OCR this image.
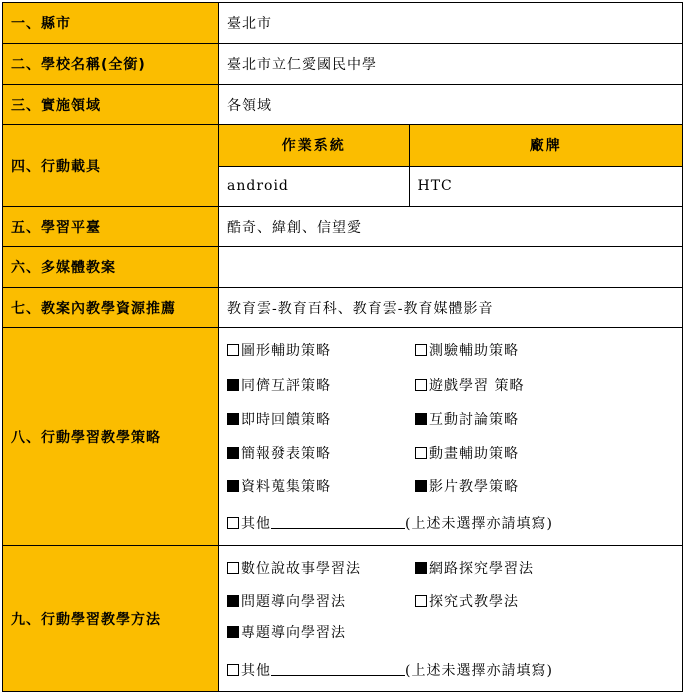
一、縣市	臺北市
二、學校名稱(全銜)	臺北市立仁愛國民中學
三、實施領域	各領域
四、行動載具	
作業系統	廠牌
android	HTC

五、學習平臺	酷奇、緯創、信望愛
六、多媒體教案	
七、教案內教學資源推薦	教育雲-教育百科、教育雲-教育媒體影音
八、行動學習教學策略	
圖形輔助策略	測驗輔助策略
同儕互評策略	遊戲學習 策略
即時回饋策略	互動討論策略
簡報發表策略	動畫輔助策略
資料蒐集策略	影片教學策略
其他	(上述未選擇亦請填寫)

九、行動學習教學方法	
數位說故事學習法	網路探究學習法
問題導向學習法	探究式教學法
專題導向學習法
其他	(上述未選擇亦請填寫)
